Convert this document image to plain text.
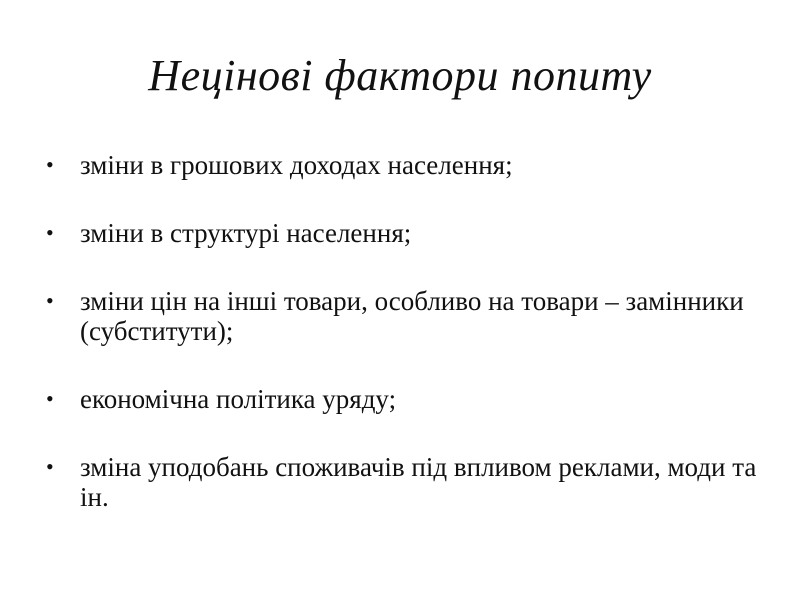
Нецінові фактори попиту
• зміни в грошових доходах населення;
• зміни в структурі населення;
• зміни цін на інші товари, особливо на товари – замінники (субститути);
• економічна політика уряду;
• зміна уподобань споживачів під впливом реклами, моди та ін.
